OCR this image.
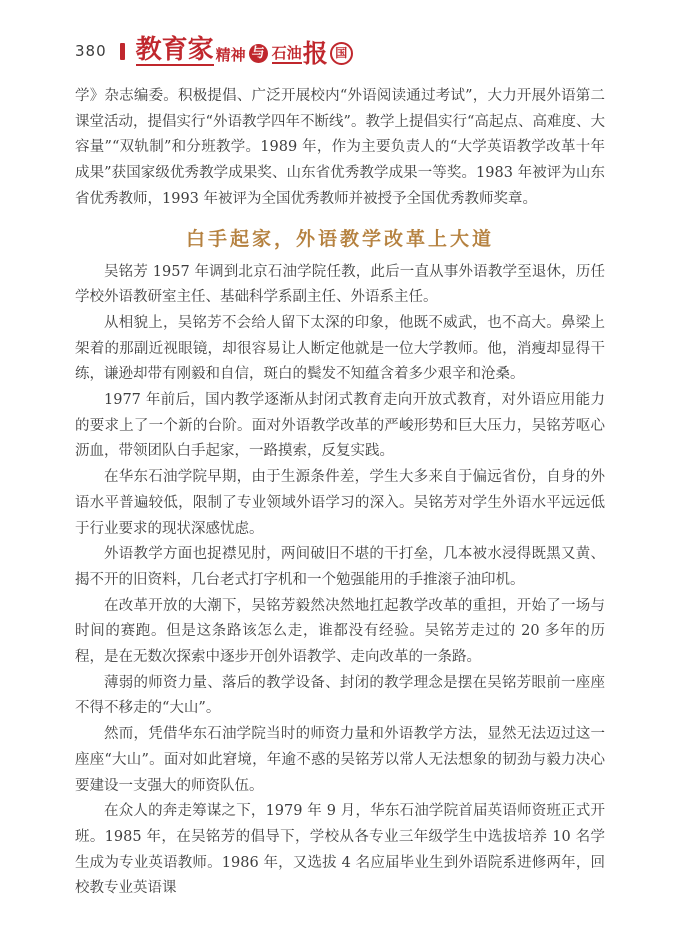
380 教育家 精神 与 石油 报 国

学》杂志编委。积极提倡、广泛开展校内“外语阅读通过考试”，大力开展外语第二课堂活动，提倡实行“外语教学四年不断线”。教学上提倡实行“高起点、高难度、大容量”“双轨制”和分班教学。1989 年，作为主要负责人的“大学英语教学改革十年成果”获国家级优秀教学成果奖、山东省优秀教学成果一等奖。1983 年被评为山东省优秀教师，1993 年被评为全国优秀教师并被授予全国优秀教师奖章。

白手起家，外语教学改革上大道

吴铭芳 1957 年调到北京石油学院任教，此后一直从事外语教学至退休，历任学校外语教研室主任、基础科学系副主任、外语系主任。

从相貌上，吴铭芳不会给人留下太深的印象，他既不威武，也不高大。鼻梁上架着的那副近视眼镜，却很容易让人断定他就是一位大学教师。他，消瘦却显得干练，谦逊却带有刚毅和自信，斑白的鬓发不知蕴含着多少艰辛和沧桑。

1977 年前后，国内教学逐渐从封闭式教育走向开放式教育，对外语应用能力的要求上了一个新的台阶。面对外语教学改革的严峻形势和巨大压力，吴铭芳呕心沥血，带领团队白手起家，一路摸索，反复实践。

在华东石油学院早期，由于生源条件差，学生大多来自于偏远省份，自身的外语水平普遍较低，限制了专业领域外语学习的深入。吴铭芳对学生外语水平远远低于行业要求的现状深感忧虑。

外语教学方面也捉襟见肘，两间破旧不堪的干打垒，几本被水浸得既黑又黄、揭不开的旧资料，几台老式打字机和一个勉强能用的手推滚子油印机。

在改革开放的大潮下，吴铭芳毅然决然地扛起教学改革的重担，开始了一场与时间的赛跑。但是这条路该怎么走，谁都没有经验。吴铭芳走过的 20 多年的历程，是在无数次探索中逐步开创外语教学、走向改革的一条路。

薄弱的师资力量、落后的教学设备、封闭的教学理念是摆在吴铭芳眼前一座座不得不移走的“大山”。

然而，凭借华东石油学院当时的师资力量和外语教学方法，显然无法迈过这一座座“大山”。面对如此窘境，年逾不惑的吴铭芳以常人无法想象的韧劲与毅力决心要建设一支强大的师资队伍。

在众人的奔走筹谋之下，1979 年 9 月，华东石油学院首届英语师资班正式开班。1985 年，在吴铭芳的倡导下，学校从各专业三年级学生中选拔培养 10 名学生成为专业英语教师。1986 年，又选拔 4 名应届毕业生到外语院系进修两年，回校教专业英语课
